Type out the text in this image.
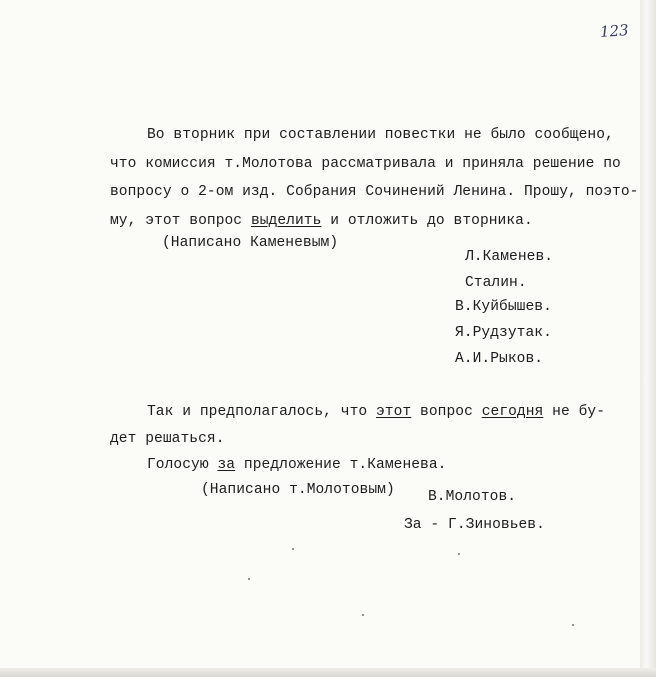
123
Во вторник при составлении повестки не было сообщено,
что комиссия т.Молотова рассматривала и приняла решение по
вопросу о 2-ом изд. Собрания Сочинений Ленина. Прошу, поэто-
му, этот вопрос выделить и отложить до вторника.
(Написано Каменевым)
Л.Каменев.
Сталин.
В.Куйбышев.
Я.Рудзутак.
А.И.Рыков.
Так и предполагалось, что этот вопрос сегодня не бу-
дет решаться.
Голосую за предложение т.Каменева.
(Написано т.Молотовым) В.Молотов.
За - Г.Зиновьев.
